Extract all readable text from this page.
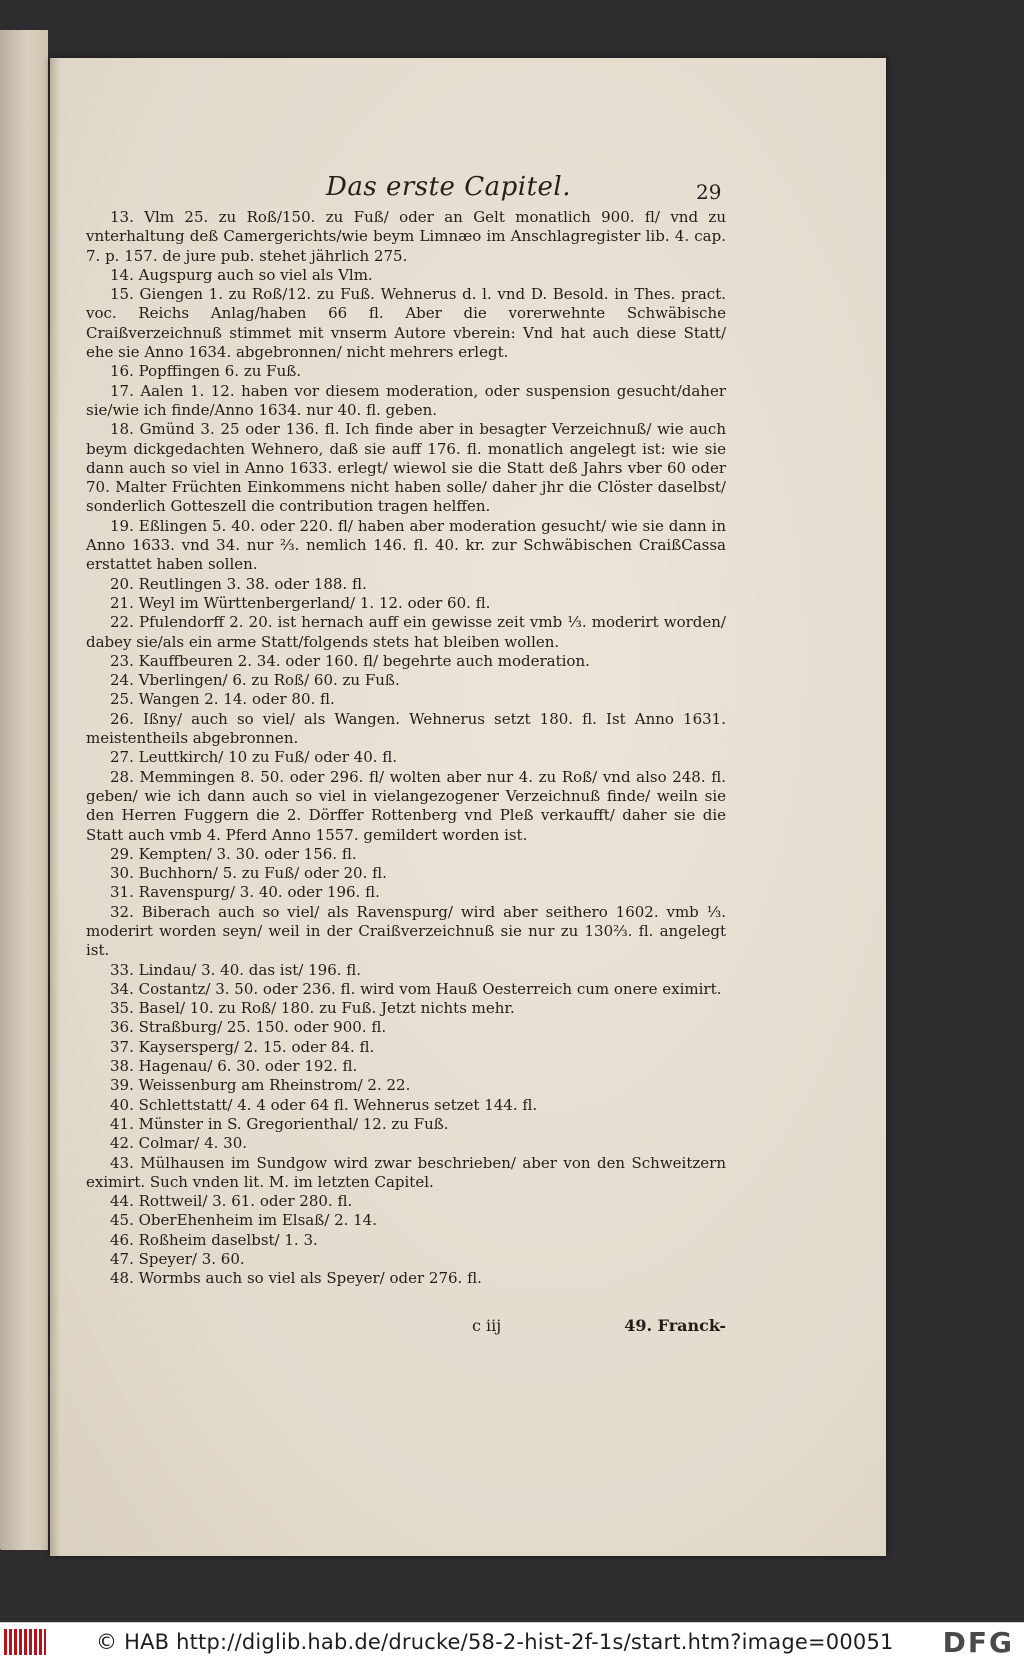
Das erste Capitel.	29

13. Vlm 25. zu Roß/150. zu Fuß/ oder an Gelt monatlich 900. fl/ vnd zu vnterhaltung deß Camergerichts/wie beym Limnæo im Anschlagregister lib. 4. cap. 7. p. 157. de jure pub. stehet jährlich 275.

14. Augspurg auch so viel als Vlm.

15. Giengen 1. zu Roß/12. zu Fuß. Wehnerus d. l. vnd D. Besold. in Thes. pract. voc. Reichs Anlag/haben 66 fl. Aber die vorerwehnte Schwäbische Craißverzeichnuß stimmet mit vnserm Autore vberein: Vnd hat auch diese Statt/ ehe sie Anno 1634. abgebronnen/ nicht mehrers erlegt.

16. Popffingen 6. zu Fuß.

17. Aalen 1. 12. haben vor diesem moderation, oder suspension gesucht/daher sie/wie ich finde/Anno 1634. nur 40. fl. geben.

18. Gmünd 3. 25 oder 136. fl. Ich finde aber in besagter Verzeichnuß/ wie auch beym dickgedachten Wehnero, daß sie auff 176. fl. monatlich angelegt ist: wie sie dann auch so viel in Anno 1633. erlegt/ wiewol sie die Statt deß Jahrs vber 60 oder 70. Malter Früchten Einkommens nicht haben solle/ daher jhr die Clöster daselbst/ sonderlich Gotteszell die contribution tragen helffen.

19. Eßlingen 5. 40. oder 220. fl/ haben aber moderation gesucht/ wie sie dann in Anno 1633. vnd 34. nur ⅔. nemlich 146. fl. 40. kr. zur Schwäbischen CraißCassa erstattet haben sollen.

20. Reutlingen 3. 38. oder 188. fl.

21. Weyl im Württenbergerland/ 1. 12. oder 60. fl.

22. Pfulendorff 2. 20. ist hernach auff ein gewisse zeit vmb ⅓. moderirt worden/ dabey sie/als ein arme Statt/folgends stets hat bleiben wollen.

23. Kauffbeuren 2. 34. oder 160. fl/ begehrte auch moderation.

24. Vberlingen/ 6. zu Roß/ 60. zu Fuß.

25. Wangen 2. 14. oder 80. fl.

26. Ißny/ auch so viel/ als Wangen. Wehnerus setzt 180. fl. Ist Anno 1631. meistentheils abgebronnen.

27. Leuttkirch/ 10 zu Fuß/ oder 40. fl.

28. Memmingen 8. 50. oder 296. fl/ wolten aber nur 4. zu Roß/ vnd also 248. fl. geben/ wie ich dann auch so viel in vielangezogener Verzeichnuß finde/ weiln sie den Herren Fuggern die 2. Dörffer Rottenberg vnd Pleß verkaufft/ daher sie die Statt auch vmb 4. Pferd Anno 1557. gemildert worden ist.

29. Kempten/ 3. 30. oder 156. fl.

30. Buchhorn/ 5. zu Fuß/ oder 20. fl.

31. Ravenspurg/ 3. 40. oder 196. fl.

32. Biberach auch so viel/ als Ravenspurg/ wird aber seithero 1602. vmb ⅓. moderirt worden seyn/ weil in der Craißverzeichnuß sie nur zu 130⅔. fl. angelegt ist.

33. Lindau/ 3. 40. das ist/ 196. fl.

34. Costantz/ 3. 50. oder 236. fl. wird vom Hauß Oesterreich cum onere eximirt.

35. Basel/ 10. zu Roß/ 180. zu Fuß. Jetzt nichts mehr.

36. Straßburg/ 25. 150. oder 900. fl.

37. Kaysersperg/ 2. 15. oder 84. fl.

38. Hagenau/ 6. 30. oder 192. fl.

39. Weissenburg am Rheinstrom/ 2. 22.

40. Schlettstatt/ 4. 4 oder 64 fl. Wehnerus setzet 144. fl.

41. Münster in S. Gregorienthal/ 12. zu Fuß.

42. Colmar/ 4. 30.

43. Mülhausen im Sundgow wird zwar beschrieben/ aber von den Schweitzern eximirt. Such vnden lit. M. im letzten Capitel.

44. Rottweil/ 3. 61. oder 280. fl.

45. OberEhenheim im Elsaß/ 2. 14.

46. Roßheim daselbst/ 1. 3.

47. Speyer/ 3. 60.

48. Wormbs auch so viel als Speyer/ oder 276. fl.

c iij	49. Franck-
© HAB http://diglib.hab.de/drucke/58-2-hist-2f-1s/start.htm?image=00051 DFG
